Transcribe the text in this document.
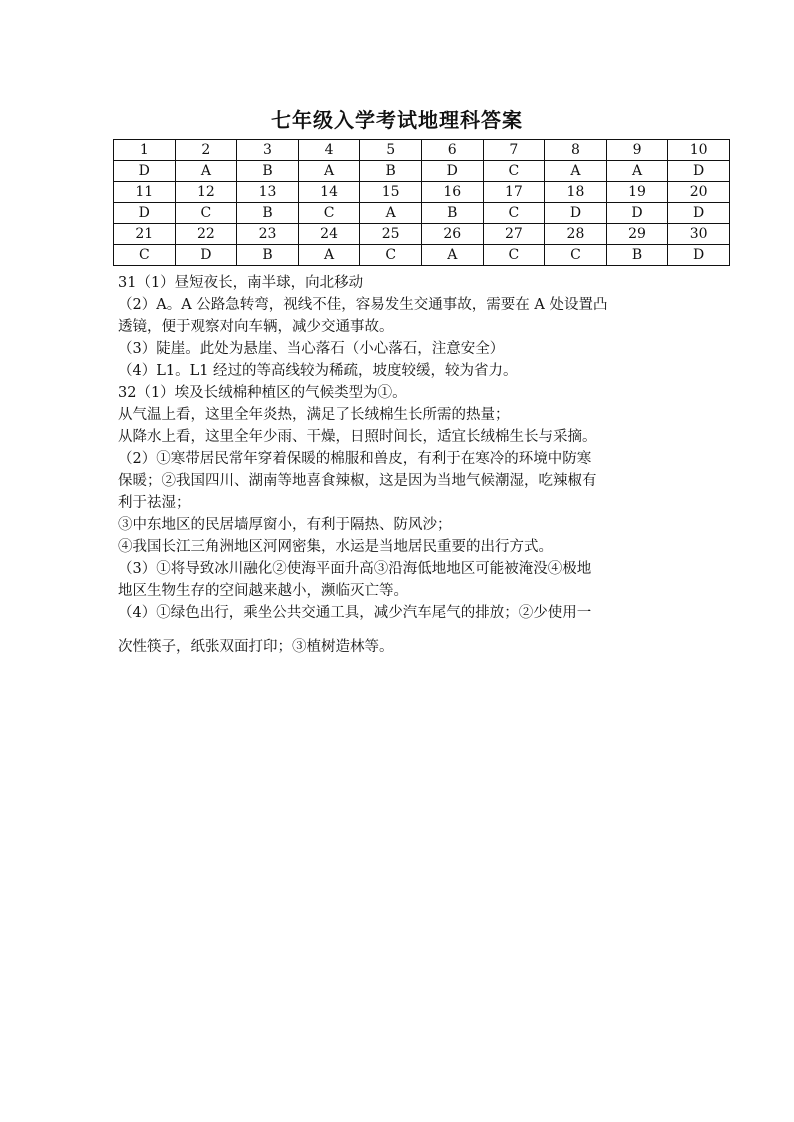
七年级入学考试地理科答案
1	2	3	4	5	6	7	8	9	10
D	A	B	A	B	D	C	A	A	D
11	12	13	14	15	16	17	18	19	20
D	C	B	C	A	B	C	D	D	D
21	22	23	24	25	26	27	28	29	30
C	D	B	A	C	A	C	C	B	D

31（1）昼短夜长，南半球，向北移动

（2）A。A 公路急转弯，视线不佳，容易发生交通事故，需要在 A 处设置凸

透镜，便于观察对向车辆，减少交通事故。

（3）陡崖。此处为悬崖、当心落石（小心落石，注意安全）

（4）L1。L1 经过的等高线较为稀疏，坡度较缓，较为省力。

32（1）埃及长绒棉种植区的气候类型为①。

从气温上看，这里全年炎热，满足了长绒棉生长所需的热量；

从降水上看，这里全年少雨、干燥，日照时间长，适宜长绒棉生长与采摘。

（2）①寒带居民常年穿着保暖的棉服和兽皮，有利于在寒冷的环境中防寒

保暖；②我国四川、湖南等地喜食辣椒，这是因为当地气候潮湿，吃辣椒有

利于祛湿；

③中东地区的民居墙厚窗小，有利于隔热、防风沙；

④我国长江三角洲地区河网密集，水运是当地居民重要的出行方式。

（3）①将导致冰川融化②使海平面升高③沿海低地地区可能被淹没④极地

地区生物生存的空间越来越小，濒临灭亡等。

（4）①绿色出行，乘坐公共交通工具，减少汽车尾气的排放；②少使用一

次性筷子，纸张双面打印；③植树造林等。
